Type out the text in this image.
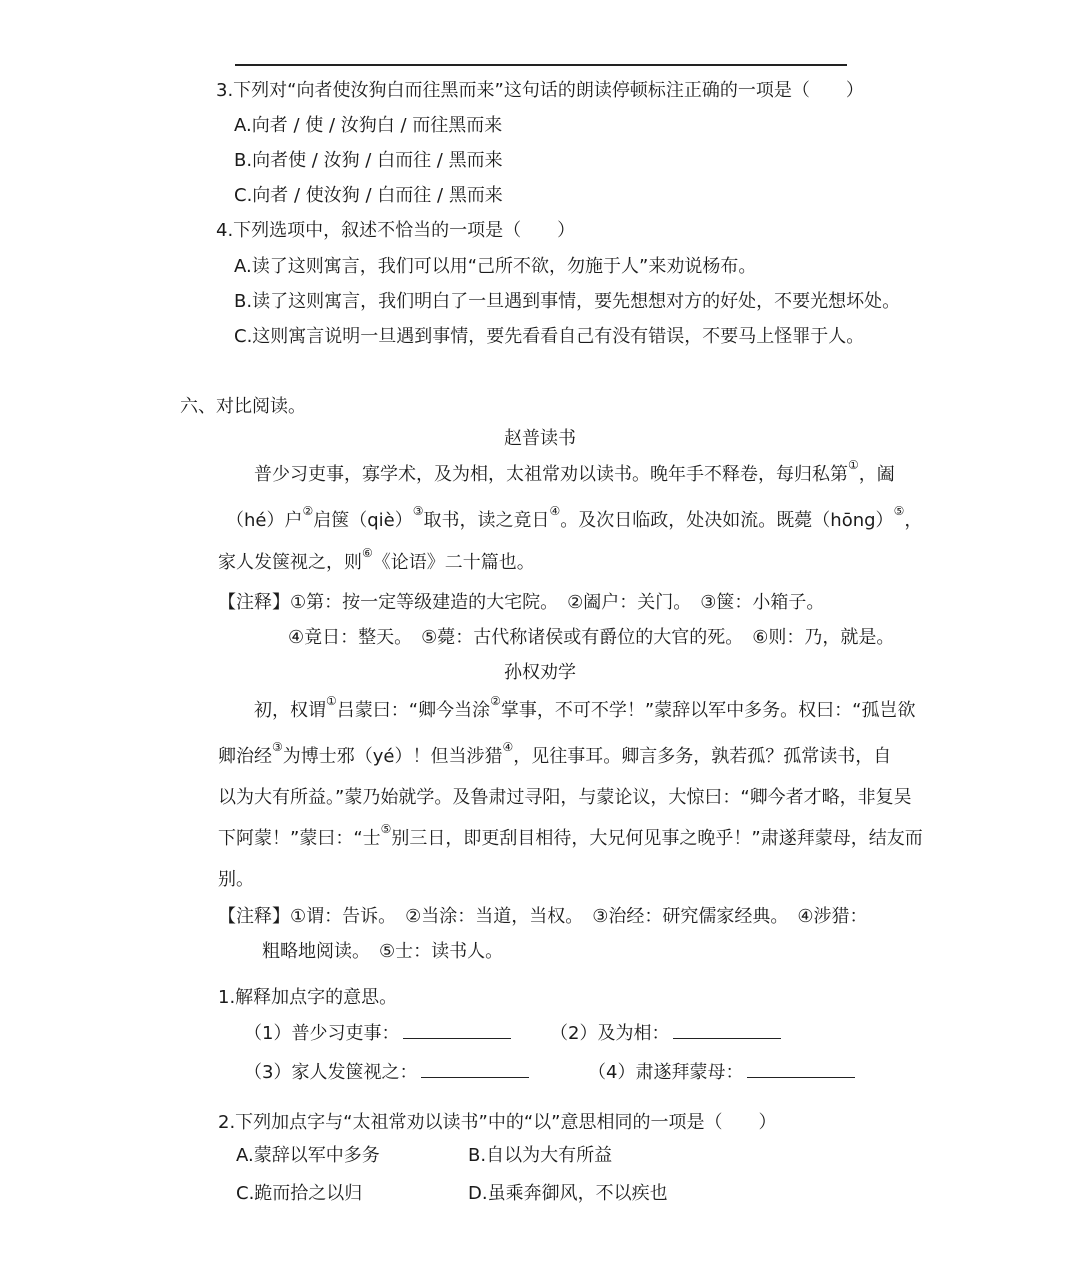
3.下列对“向者使汝狗白而往黑而来”这句话的朗读停顿标注正确的一项是（　　）
A.向者 / 使 / 汝狗白 / 而往黑而来
B.向者使 / 汝狗 / 白而往 / 黑而来
C.向者 / 使汝狗 / 白而往 / 黑而来
4.下列选项中，叙述不恰当的一项是（　　）
A.读了这则寓言，我们可以用“己所不欲，勿施于人”来劝说杨布。
B.读了这则寓言，我们明白了一旦遇到事情，要先想想对方的好处，不要光想坏处。
C.这则寓言说明一旦遇到事情，要先看看自己有没有错误，不要马上怪罪于人。
六、对比阅读。
赵普读书
普少习吏事，寡学术，及为相，太祖常劝以读书。晚年手不释卷，每归私第①，阖
（hé）户②启箧（qiè）③取书，读之竟日④。及次日临政，处决如流。既薨（hōng）⑤，
家人发箧视之，则⑥《论语》二十篇也。
【注释】①第：按一定等级建造的大宅院。　②阖户：关门。　③箧：小箱子。
④竟日：整天。　⑤薨：古代称诸侯或有爵位的大官的死。　⑥则：乃，就是。
孙权劝学
初，权谓①吕蒙曰：“卿今当涂②掌事，不可不学！”蒙辞以军中多务。权曰：“孤岂欲
卿治经③为博士邪（yé）！但当涉猎④，见往事耳。卿言多务，孰若孤？孤常读书，自
以为大有所益。”蒙乃始就学。及鲁肃过寻阳，与蒙论议，大惊曰：“卿今者才略，非复吴
下阿蒙！”蒙曰：“士⑤别三日，即更刮目相待，大兄何见事之晚乎！”肃遂拜蒙母，结友而
别。
【注释】①谓：告诉。　②当涂：当道，当权。　③治经：研究儒家经典。　④涉猎：
粗略地阅读。　⑤士：读书人。
1.解释加点字的意思。
（1）普少习吏事：	（2）及为相：
（3）家人发箧视之：	（4）肃遂拜蒙母：
2.下列加点字与“太祖常劝以读书”中的“以”意思相同的一项是（　　）
A.蒙辞以军中多务	B.自以为大有所益
C.跪而拾之以归	D.虽乘奔御风，不以疾也
